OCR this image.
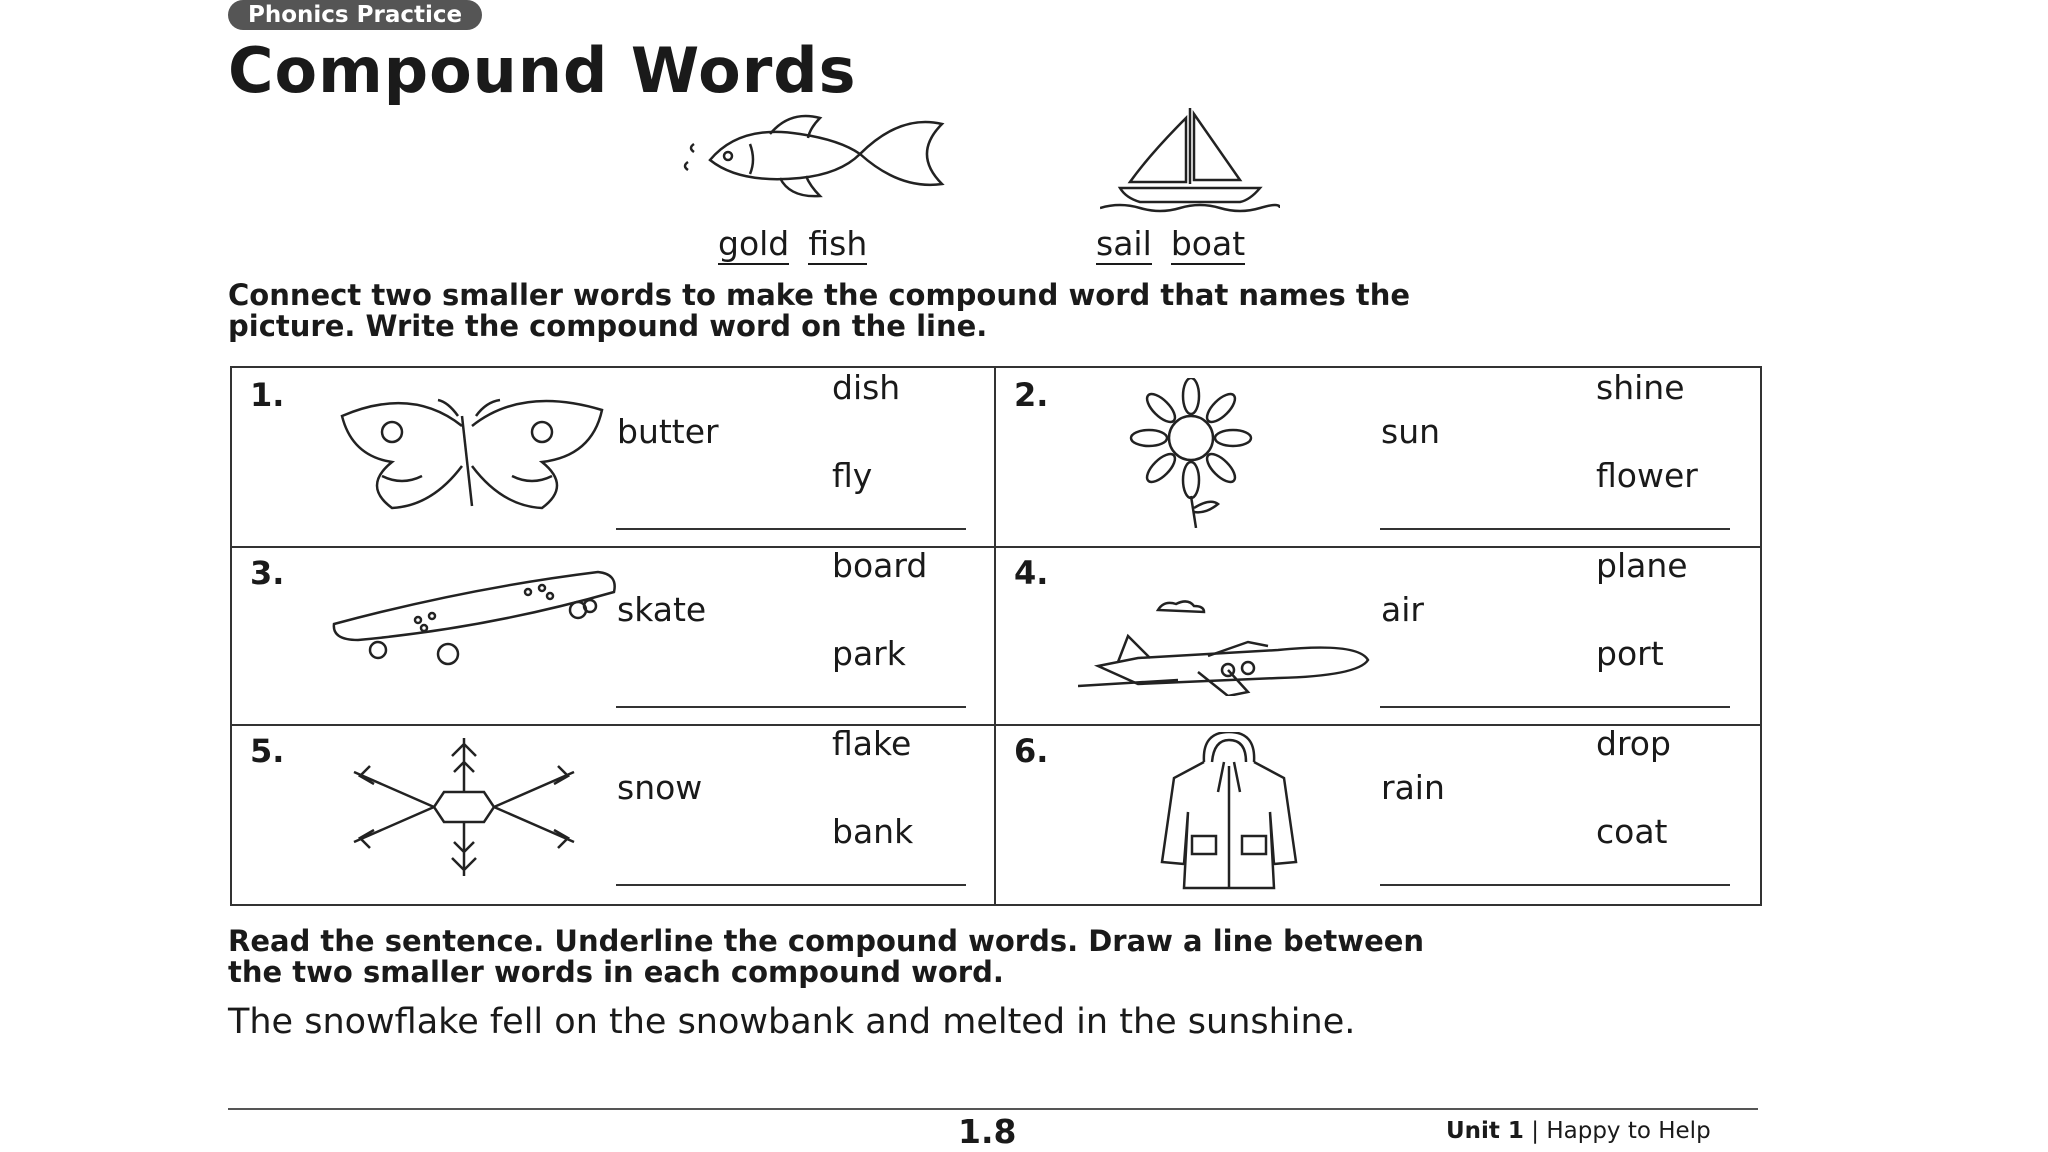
Phonics Practice
Compound Words
gold fish	sail boat
Connect two smaller words to make the compound word that names the
picture. Write the compound word on the line.
1.
butter
dish
fly
2.
sun
shine
flower
3.
skate
board
park
4.
air
plane
port
5.
snow
flake
bank
6.
rain
drop
coat
Read the sentence. Underline the compound words. Draw a line between
the two smaller words in each compound word.
The snowflake fell on the snowbank and melted in the sunshine.
1.8	Unit 1 | Happy to Help
